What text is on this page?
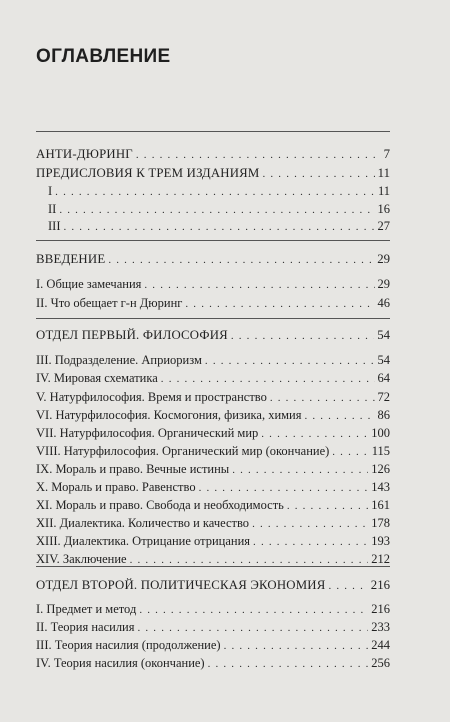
ОГЛАВЛЕНИЕ
АНТИ-ДЮРИНГ . . .	7
ПРЕДИСЛОВИЯ К ТРЕМ ИЗДАНИЯМ . . .	11
I . . .	11
II . . .	16
III . . .	27
ВВЕДЕНИЕ . . .	29
I. Общие замечания . . .	29
II. Что обещает г-н Дюринг . . .	46
ОТДЕЛ ПЕРВЫЙ. ФИЛОСОФИЯ . . .	54
III. Подразделение. Априоризм . . .	54
IV. Мировая схематика . . .	64
V. Натурфилософия. Время и пространство . . .	72
VI. Натурфилософия. Космогония, физика, химия . . .	86
VII. Натурфилософия. Органический мир . . .	100
VIII. Натурфилософия. Органический мир (окончание) . . .	115
IX. Мораль и право. Вечные истины . . .	126
X. Мораль и право. Равенство . . .	143
XI. Мораль и право. Свобода и необходимость . . .	161
XII. Диалектика. Количество и качество . . .	178
XIII. Диалектика. Отрицание отрицания . . .	193
XIV. Заключение . . .	212
ОТДЕЛ ВТОРОЙ. ПОЛИТИЧЕСКАЯ ЭКОНОМИЯ . . .	216
I. Предмет и метод . . .	216
II. Теория насилия . . .	233
III. Теория насилия (продолжение) . . .	244
IV. Теория насилия (окончание) . . .	256
